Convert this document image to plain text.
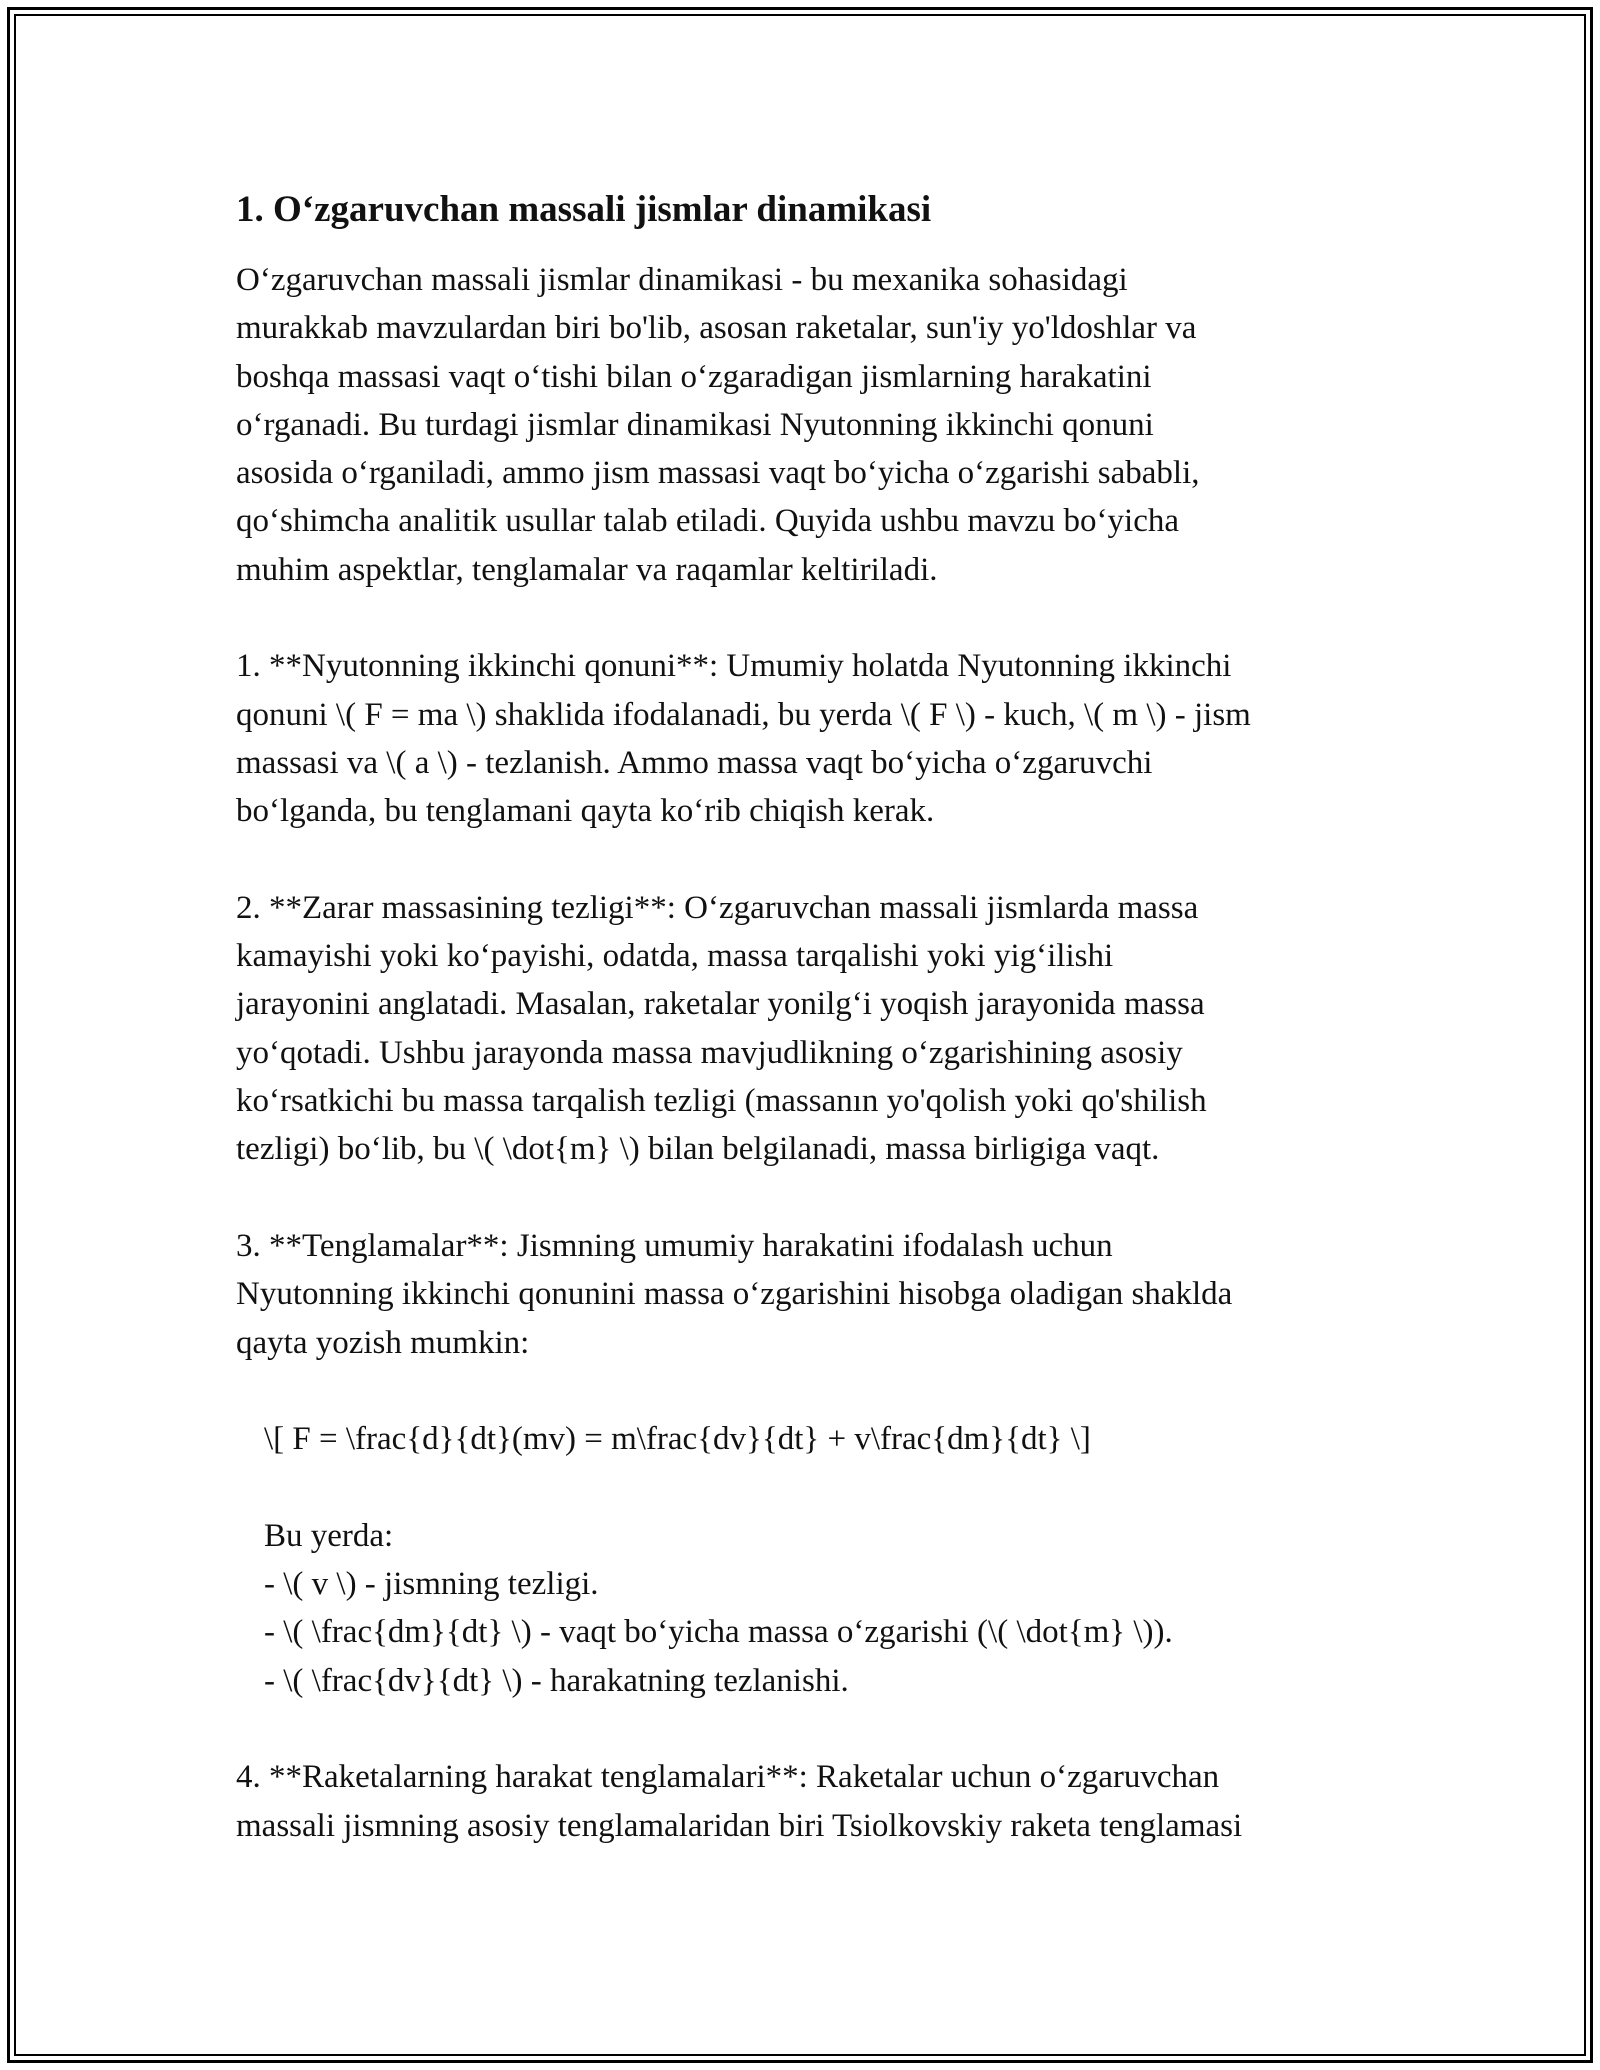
1. O‘zgaruvchan massali jismlar dinamikasi
O‘zgaruvchan massali jismlar dinamikasi - bu mexanika sohasidagi
murakkab mavzulardan biri bo'lib, asosan raketalar, sun'iy yo'ldoshlar va
boshqa massasi vaqt o‘tishi bilan o‘zgaradigan jismlarning harakatini
o‘rganadi. Bu turdagi jismlar dinamikasi Nyutonning ikkinchi qonuni
asosida o‘rganiladi, ammo jism massasi vaqt bo‘yicha o‘zgarishi sababli,
qo‘shimcha analitik usullar talab etiladi. Quyida ushbu mavzu bo‘yicha
muhim aspektlar, tenglamalar va raqamlar keltiriladi.
1. **Nyutonning ikkinchi qonuni**: Umumiy holatda Nyutonning ikkinchi
qonuni \( F = ma \) shaklida ifodalanadi, bu yerda \( F \) - kuch, \( m \) - jism
massasi va \( a \) - tezlanish. Ammo massa vaqt bo‘yicha o‘zgaruvchi
bo‘lganda, bu tenglamani qayta ko‘rib chiqish kerak.
2. **Zarar massasining tezligi**: O‘zgaruvchan massali jismlarda massa
kamayishi yoki ko‘payishi, odatda, massa tarqalishi yoki yig‘ilishi
jarayonini anglatadi. Masalan, raketalar yonilg‘i yoqish jarayonida massa
yo‘qotadi. Ushbu jarayonda massa mavjudlikning o‘zgarishining asosiy
ko‘rsatkichi bu massa tarqalish tezligi (massanın yo'qolish yoki qo'shilish
tezligi) bo‘lib, bu \( \dot{m} \) bilan belgilanadi, massa birligiga vaqt.
3. **Tenglamalar**: Jismning umumiy harakatini ifodalash uchun
Nyutonning ikkinchi qonunini massa o‘zgarishini hisobga oladigan shaklda
qayta yozish mumkin:
\[ F = \frac{d}{dt}(mv) = m\frac{dv}{dt} + v\frac{dm}{dt} \]
Bu yerda:
- \( v \) - jismning tezligi.
- \( \frac{dm}{dt} \) - vaqt bo‘yicha massa o‘zgarishi (\( \dot{m} \)).
- \( \frac{dv}{dt} \) - harakatning tezlanishi.
4. **Raketalarning harakat tenglamalari**: Raketalar uchun o‘zgaruvchan
massali jismning asosiy tenglamalaridan biri Tsiolkovskiy raketa tenglamasi
